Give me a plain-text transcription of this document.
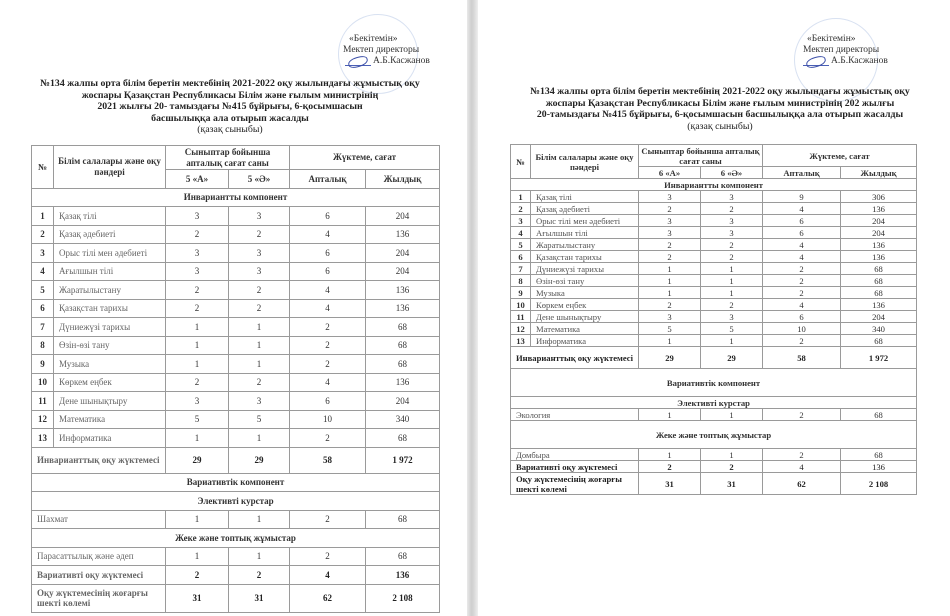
«Бекітемін»
Мектеп директоры
А.Б.Касжанов
№134 жалпы орта білім беретін мектебінің 2021-2022 оқу жылындағы жұмыстық оқу
жоспары Қазақстан Республикасы Білім және ғылым министрінің
2021 жылғы 20- тамыздағы №415 бұйрығы, 6-қосымшасын
басшылыққа ала отырып жасалды
(қазақ сыныбы)
№	Білім салалары және оқу пәндері	Сыныптар бойынша апталық сағат саны		Жүктеме, сағат	
		5 «А»	5 «Ә»	Апталық	Жылдық
Инвариантты компонент					
1	Қазақ тілі	3	3	6	204
2	Қазақ әдебиеті	2	2	4	136
3	Орыс тілі мен әдебиеті	3	3	6	204
4	Ағылшын тілі	3	3	6	204
5	Жаратылыстану	2	2	4	136
6	Қазақстан тарихы	2	2	4	136
7	Дүниежүзі тарихы	1	1	2	68
8	Өзін-өзі тану	1	1	2	68
9	Музыка	1	1	2	68
10	Көркем еңбек	2	2	4	136
11	Дене шынықтыру	3	3	6	204
12	Математика	5	5	10	340
13	Информатика	1	1	2	68
Инварианттық оқу жүктемесі		29	29	58	1 972
Вариативтік компонент					
Элективті курстар					
Шахмат		1	1	2	68
Жеке және топтық жұмыстар					
Парасаттылық және әдеп		1	1	2	68
Вариативті оқу жүктемесі		2	2	4	136
Оқу жүктемесінің жоғарғы шекті көлемі		31	31	62	2 108
«Бекітемін»
Мектеп директоры
А.Б.Касжанов
№134 жалпы орта білім беретін мектебінің 2021-2022 оқу жылындағы жұмыстық оқу
жоспары Қазақстан Республикасы Білім және ғылым министрінің 202 жылғы
20-тамыздағы №415 бұйрығы, 6-қосымшасын басшылыққа ала отырып жасалды
(қазақ сыныбы)
№	Білім салалары және оқу пәндері	Сыныптар бойынша апталық сағат саны		Жүктеме, сағат	
		6 «А»	6 «Ә»	Апталық	Жылдық
Инвариантты компонент					
1	Қазақ тілі	3	3	9	306
2	Қазақ әдебиеті	2	2	4	136
3	Орыс тілі мен әдебиеті	3	3	6	204
4	Ағылшын тілі	3	3	6	204
5	Жаратылыстану	2	2	4	136
6	Қазақстан тарихы	2	2	4	136
7	Дүниежүзі тарихы	1	1	2	68
8	Өзін-өзі тану	1	1	2	68
9	Музыка	1	1	2	68
10	Көркем еңбек	2	2	4	136
11	Дене шынықтыру	3	3	6	204
12	Математика	5	5	10	340
13	Информатика	1	1	2	68
Инварианттық оқу жүктемесі		29	29	58	1 972
Вариативтік компонент					
Элективті курстар					
Экология		1	1	2	68
Жеке және топтық жұмыстар					
Домбыра		1	1	2	68
Вариативті оқу жүктемесі		2	2	4	136
Оқу жүктемесінің жоғарғы шекті көлемі		31	31	62	2 108
